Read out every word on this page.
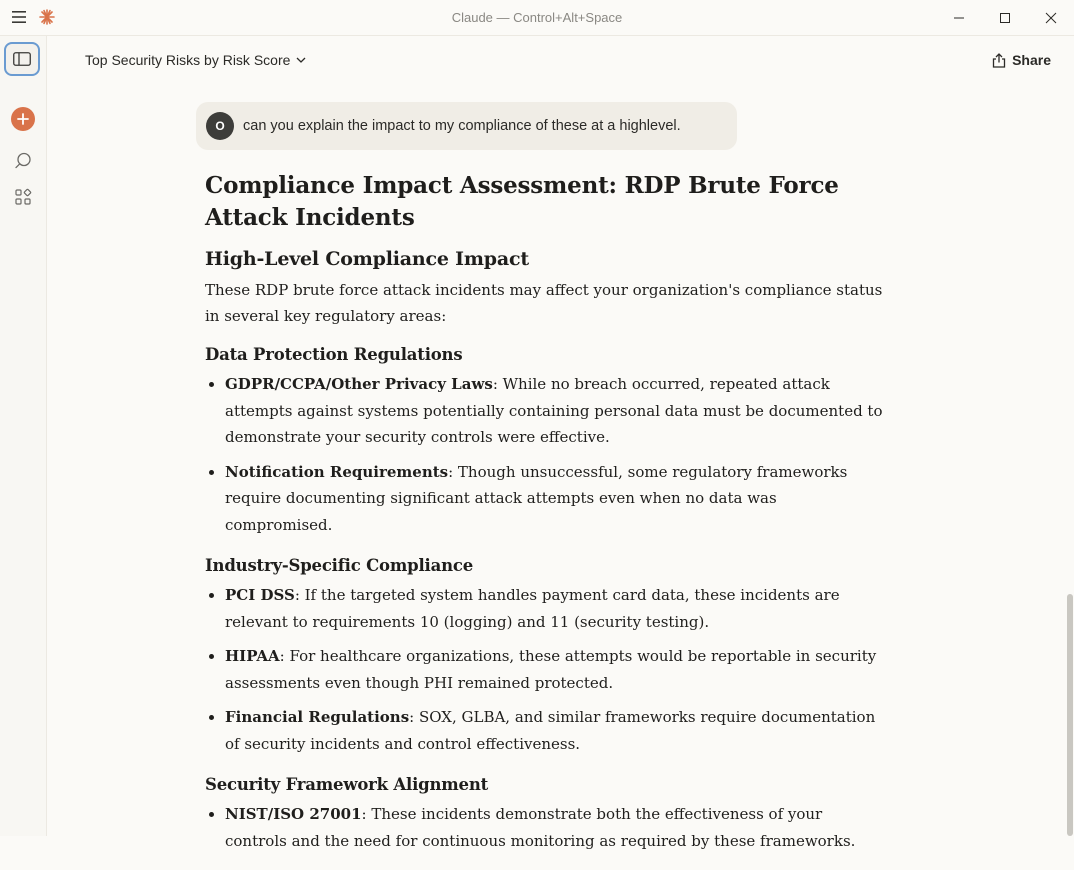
Claude — Control+Alt+Space
Top Security Risks by Risk Score	Share
O	can you explain the impact to my compliance of these at a highlevel.
Compliance Impact Assessment: RDP Brute Force Attack Incidents
High-Level Compliance Impact

These RDP brute force attack incidents may affect your organization's compliance status in several key regulatory areas:

Data Protection Regulations
• GDPR/CCPA/Other Privacy Laws: While no breach occurred, repeated attack attempts against systems potentially containing personal data must be documented to demonstrate your security controls were effective.
• Notification Requirements: Though unsuccessful, some regulatory frameworks require documenting significant attack attempts even when no data was compromised.
Industry-Specific Compliance
• PCI DSS: If the targeted system handles payment card data, these incidents are relevant to requirements 10 (logging) and 11 (security testing).
• HIPAA: For healthcare organizations, these attempts would be reportable in security assessments even though PHI remained protected.
• Financial Regulations: SOX, GLBA, and similar frameworks require documentation of security incidents and control effectiveness.
Security Framework Alignment
• NIST/ISO 27001: These incidents demonstrate both the effectiveness of your controls and the need for continuous monitoring as required by these frameworks.
